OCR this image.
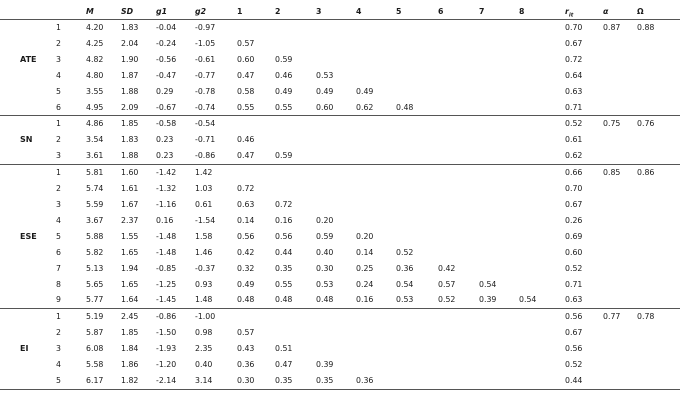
		M	SD	g1	g2	1	2	3	4	5	6	7	8	$r_{it}$	α	Ω
	1	4.20	1.83	-0.04	-0.97									0.70	0.87	0.88
	2	4.25	2.04	-0.24	-1.05	0.57								0.67		
ATE	3	4.82	1.90	-0.56	-0.61	0.60	0.59							0.72		
	4	4.80	1.87	-0.47	-0.77	0.47	0.46	0.53						0.64		
	5	3.55	1.88	0.29	-0.78	0.58	0.49	0.49	0.49					0.63		
	6	4.95	2.09	-0.67	-0.74	0.55	0.55	0.60	0.62	0.48				0.71		
	1	4.86	1.85	-0.58	-0.54									0.52	0.75	0.76
SN	2	3.54	1.83	0.23	-0.71	0.46								0.61		
	3	3.61	1.88	0.23	-0.86	0.47	0.59							0.62		
	1	5.81	1.60	-1.42	1.42									0.66	0.85	0.86
	2	5.74	1.61	-1.32	1.03	0.72								0.70		
	3	5.59	1.67	-1.16	0.61	0.63	0.72							0.67		
	4	3.67	2.37	0.16	-1.54	0.14	0.16	0.20						0.26		
ESE	5	5.88	1.55	-1.48	1.58	0.56	0.56	0.59	0.20					0.69		
	6	5.82	1.65	-1.48	1.46	0.42	0.44	0.40	0.14	0.52				0.60		
	7	5.13	1.94	-0.85	-0.37	0.32	0.35	0.30	0.25	0.36	0.42			0.52		
	8	5.65	1.65	-1.25	0.93	0.49	0.55	0.53	0.24	0.54	0.57	0.54		0.71		
	9	5.77	1.64	-1.45	1.48	0.48	0.48	0.48	0.16	0.53	0.52	0.39	0.54	0.63		
	1	5.19	2.45	-0.86	-1.00									0.56	0.77	0.78
	2	5.87	1.85	-1.50	0.98	0.57								0.67		
EI	3	6.08	1.84	-1.93	2.35	0.43	0.51							0.56		
	4	5.58	1.86	-1.20	0.40	0.36	0.47	0.39						0.52		
	5	6.17	1.82	-2.14	3.14	0.30	0.35	0.35	0.36					0.44		
